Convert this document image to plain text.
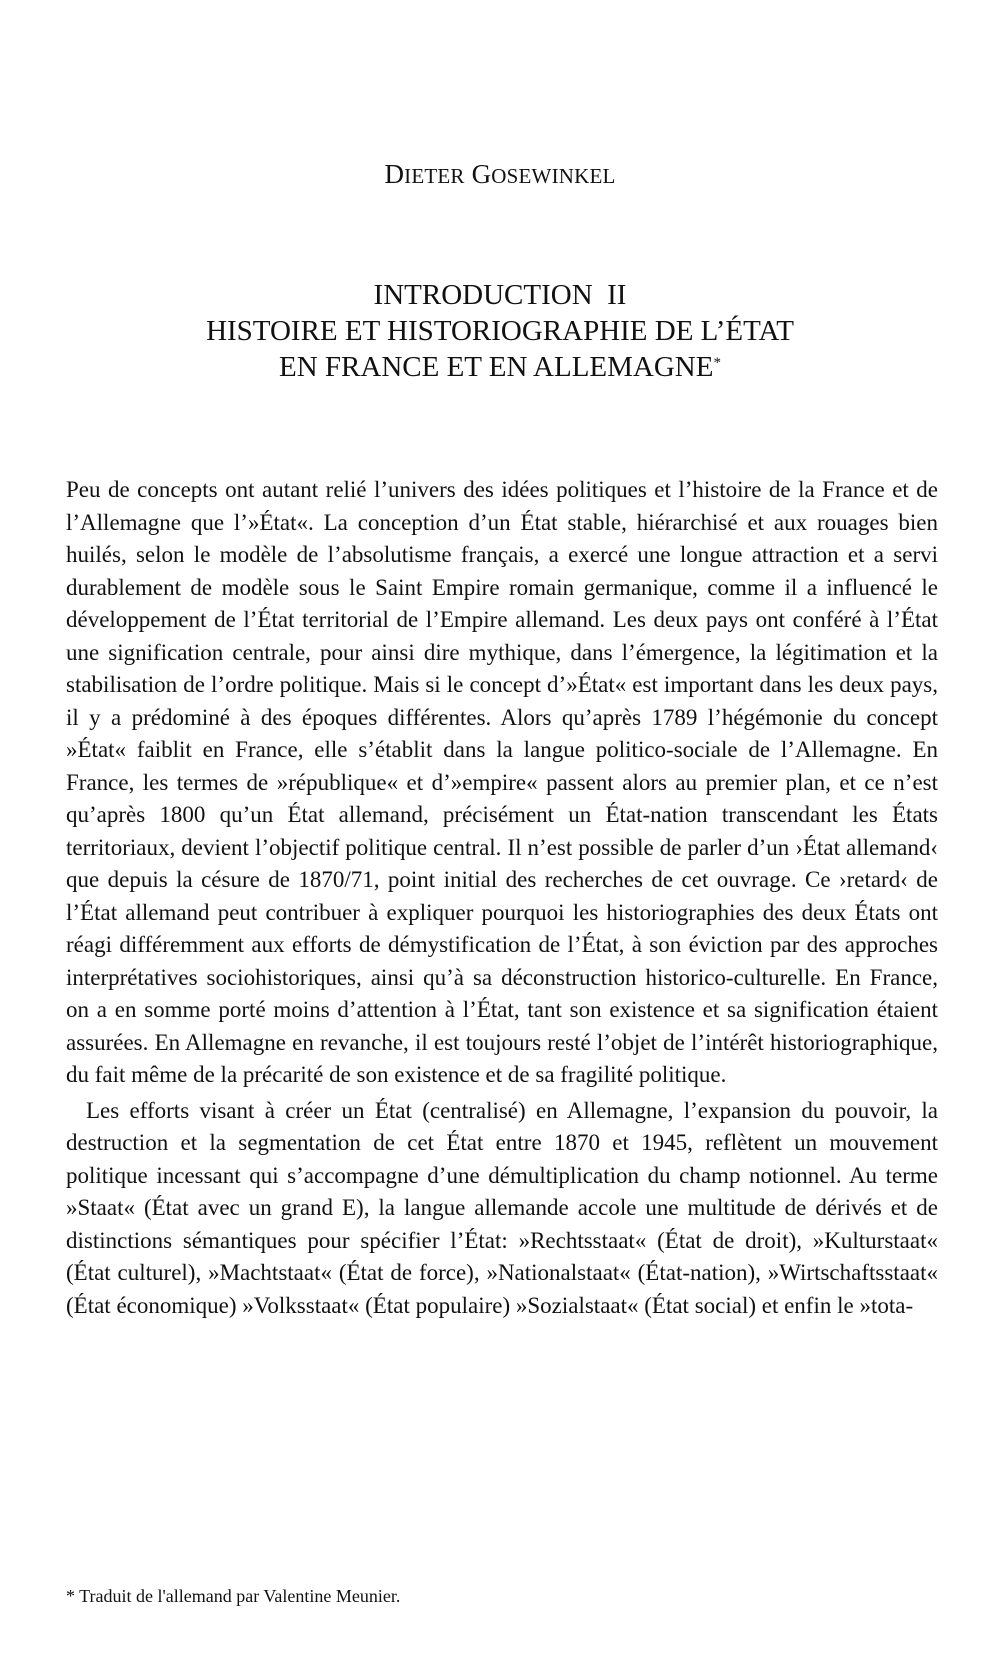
DIETER GOSEWINKEL
INTRODUCTION  II
HISTOIRE ET HISTORIOGRAPHIE DE L’ÉTAT
EN FRANCE ET EN ALLEMAGNE*

Peu de concepts ont autant relié l’univers des idées politiques et l’histoire de la France et de l’Allemagne que l’»État«. La conception d’un État stable, hiérarchisé et aux rouages bien huilés, selon le modèle de l’absolutisme français, a exercé une longue attraction et a servi durablement de modèle sous le Saint Empire romain germanique, comme il a influencé le développement de l’État territorial de l’Empire allemand. Les deux pays ont conféré à l’État une signification centrale, pour ainsi dire mythique, dans l’émergence, la légitimation et la stabilisation de l’ordre politique. Mais si le concept d’»État« est important dans les deux pays, il y a prédominé à des époques différentes. Alors qu’après 1789 l’hégémonie du concept »État« faiblit en France, elle s’établit dans la langue politico-sociale de l’Allemagne. En France, les termes de »république« et d’»empire« passent alors au premier plan, et ce n’est qu’après 1800 qu’un État allemand, précisément un État-nation transcendant les États territoriaux, devient l’objectif politique central. Il n’est possible de parler d’un ›État allemand‹ que depuis la césure de 1870/71, point initial des recherches de cet ouvrage. Ce ›retard‹ de l’État allemand peut contribuer à expliquer pourquoi les historiographies des deux États ont réagi différemment aux efforts de démystification de l’État, à son éviction par des approches interprétatives sociohistoriques, ainsi qu’à sa déconstruction historico-culturelle. En France, on a en somme porté moins d’attention à l’État, tant son existence et sa signification étaient assurées. En Allemagne en revanche, il est toujours resté l’objet de l’intérêt historiographique, du fait même de la précarité de son existence et de sa fragilité politique.

Les efforts visant à créer un État (centralisé) en Allemagne, l’expansion du pouvoir, la destruction et la segmentation de cet État entre 1870 et 1945, reflètent un mouvement politique incessant qui s’accompagne d’une démultiplication du champ notionnel. Au terme »Staat« (État avec un grand E), la langue allemande accole une multitude de dérivés et de distinctions sémantiques pour spécifier l’État: »Rechtsstaat« (État de droit), »Kulturstaat« (État culturel), »Machtstaat« (État de force), »Nationalstaat« (État-nation), »Wirtschaftsstaat« (État économique) »Volksstaat« (État populaire) »Sozialstaat« (État social) et enfin le »tota-

* Traduit de l'allemand par Valentine Meunier.
